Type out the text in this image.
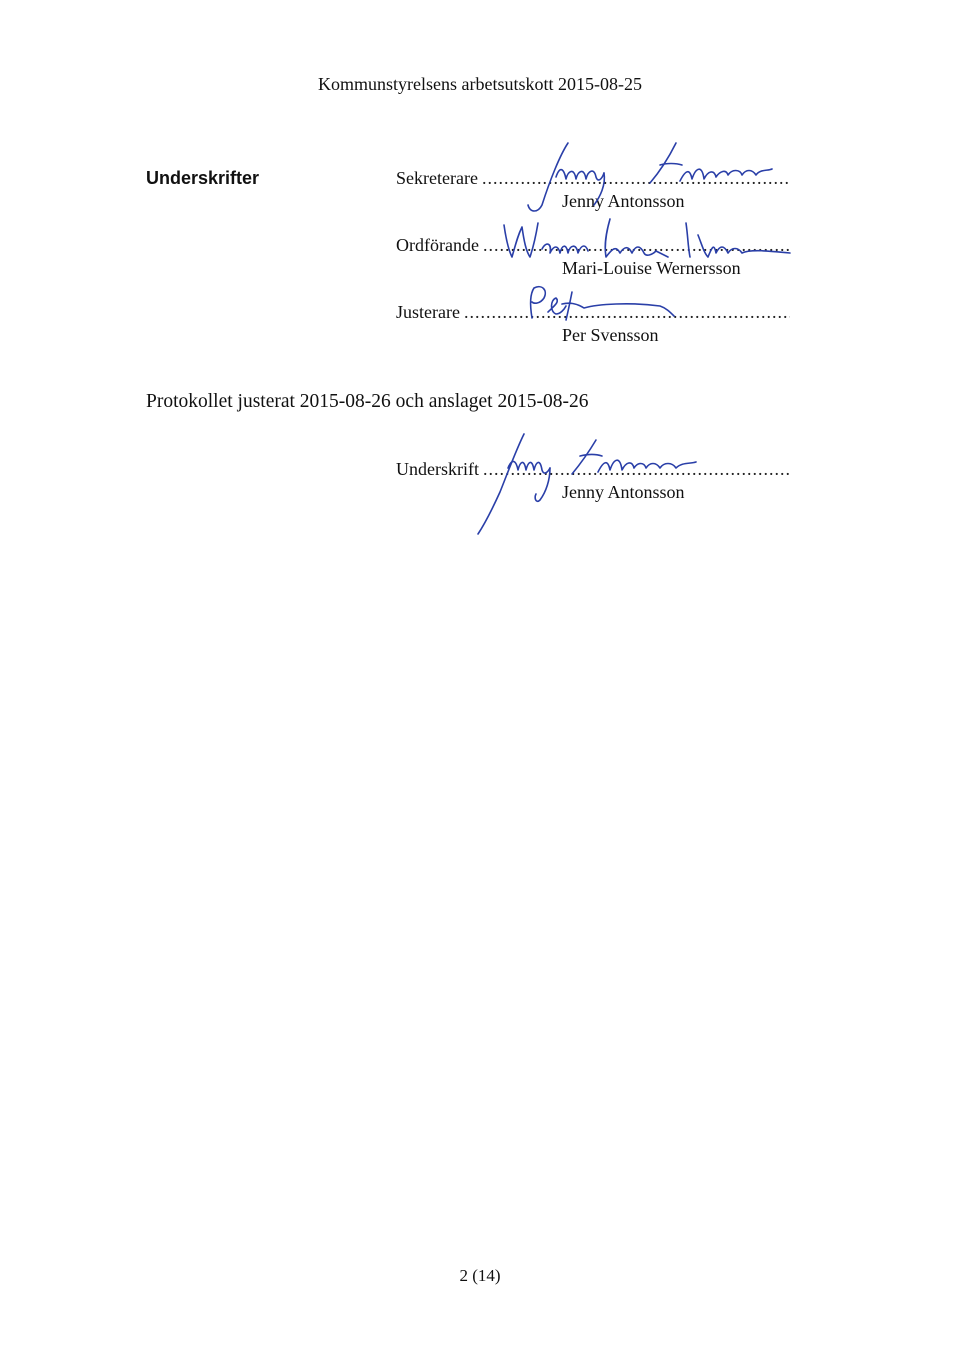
Kommunstyrelsens arbetsutskott 2015-08-25
Underskrifter	Sekreterare
.....
Jenny Antonsson
Ordförande
.....
Mari-Louise Wernersson
Justerare
.....
Per Svensson
Protokollet justerat 2015-08-26 och anslaget 2015-08-26
Underskrift
.....
Jenny Antonsson
2 (14)
